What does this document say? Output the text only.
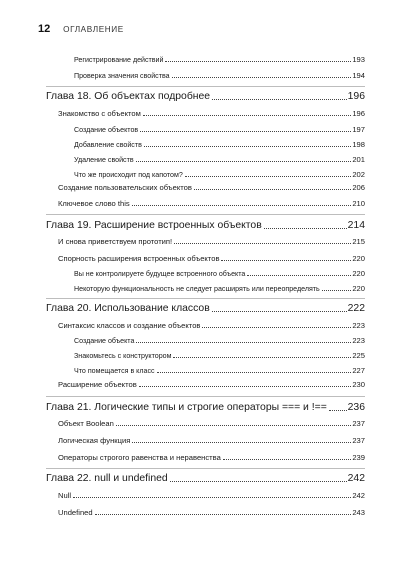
12 ОГЛАВЛЕНИЕ
Регистрирование действий	193
Проверка значения свойства	194
Глава 18. Об объектах подробнее	196
Знакомство с объектом	196
Создание объектов	197
Добавление свойств	198
Удаление свойств	201
Что же происходит под капотом?	202
Создание пользовательских объектов	206
Ключевое слово this	210
Глава 19. Расширение встроенных объектов	214
И снова приветствуем прототип!	215
Спорность расширения встроенных объектов	220
Вы не контролируете будущее встроенного объекта	220
Некоторую функциональность не следует расширять или переопределять	220
Глава 20. Использование классов	222
Синтаксис классов и создание объектов	223
Создание объекта	223
Знакомьтесь с конструктором	225
Что помещается в класс	227
Расширение объектов	230
Глава 21. Логические типы и строгие операторы === и !== 236
Объект Boolean	237
Логическая функция	237
Операторы строгого равенства и неравенства	239
Глава 22. null и undefined	242
Null	242
Undefined	243
